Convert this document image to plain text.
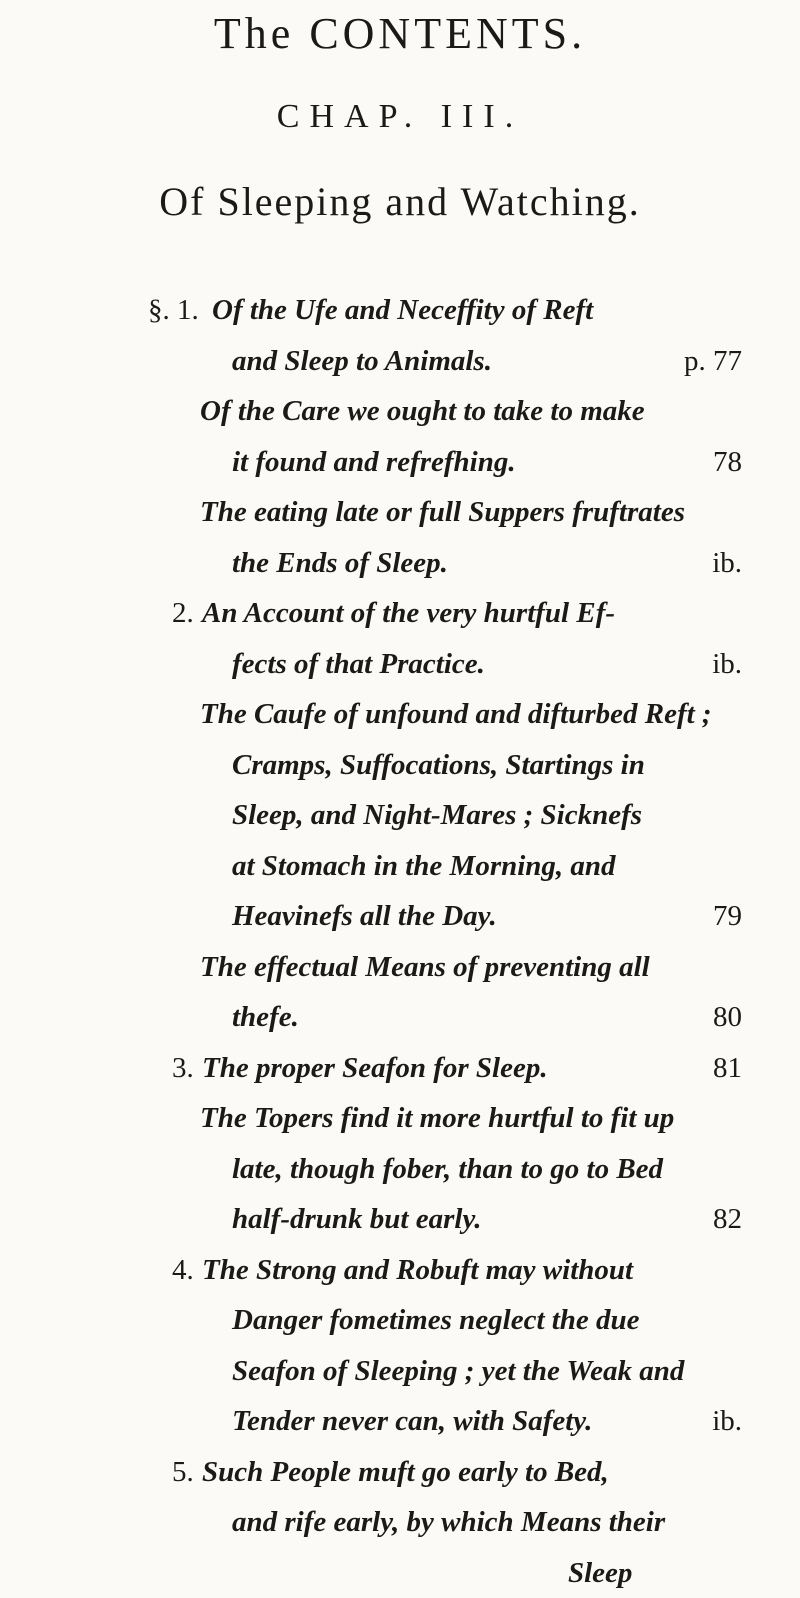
The CONTENTS.
CHAP. III.
Of Sleeping and Watching.
§. 1. Of the Ufe and Neceffity of Reft
and Sleep to Animals.	p. 77
Of the Care we ought to take to make
it found and refrefhing.	78
The eating late or full Suppers fruftrates
the Ends of Sleep.	ib.
2. An Account of the very hurtful Ef-
fects of that Practice.	ib.
The Caufe of unfound and difturbed Reft ;
Cramps, Suffocations, Startings in
Sleep, and Night-Mares ; Sicknefs
at Stomach in the Morning, and
Heavinefs all the Day.	79
The effectual Means of preventing all
thefe.	80
3. The proper Seafon for Sleep.	81
The Topers find it more hurtful to fit up
late, though fober, than to go to Bed
half-drunk but early.	82
4. The Strong and Robuft may without
Danger fometimes neglect the due
Seafon of Sleeping ; yet the Weak and
Tender never can, with Safety.	ib.
5. Such People muft go early to Bed,
and rife early, by which Means their
Sleep
